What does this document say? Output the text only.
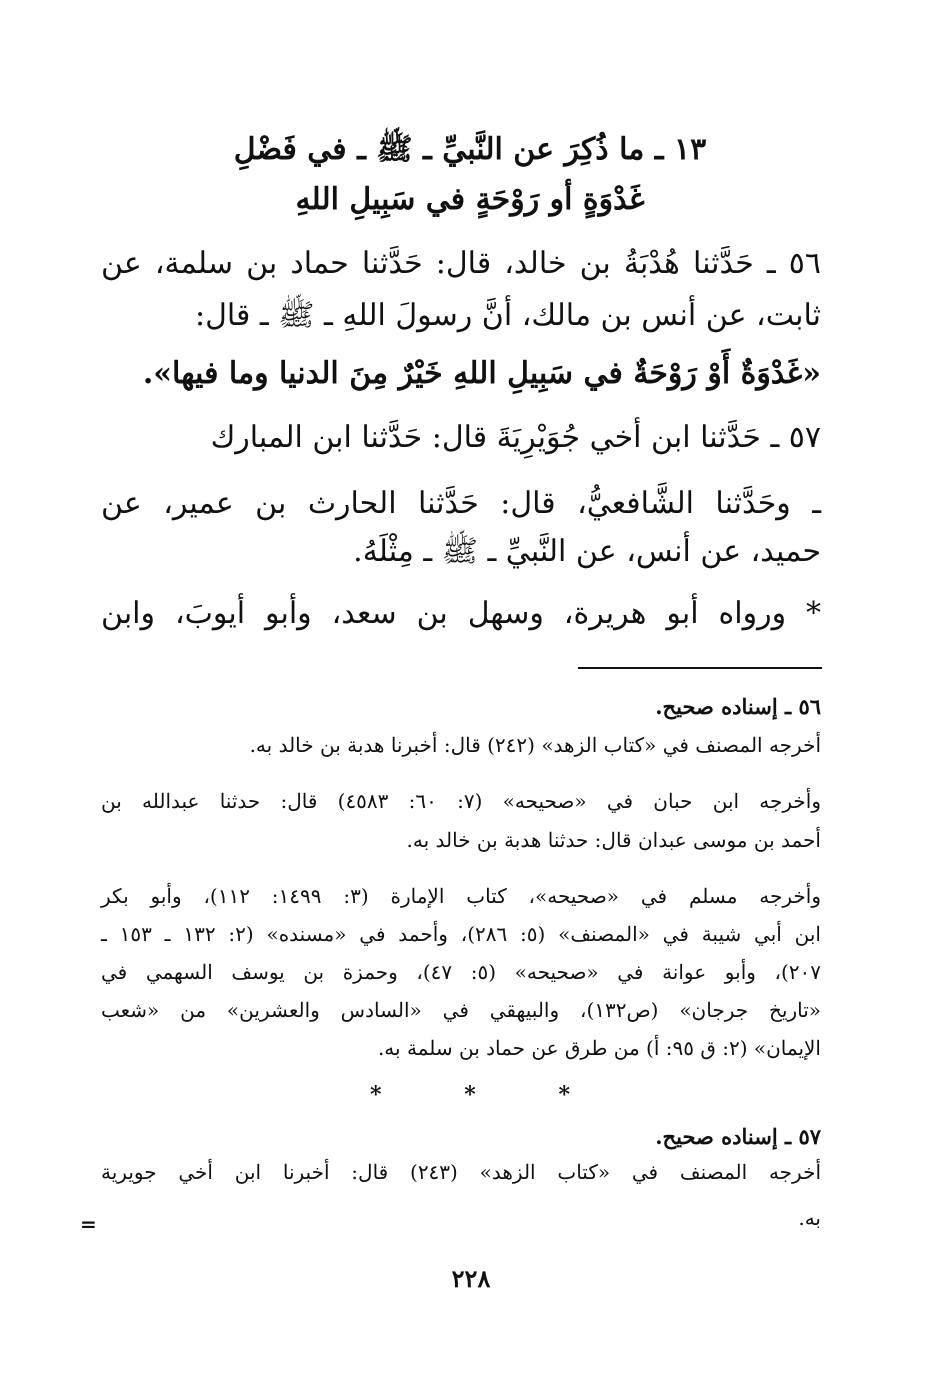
١٣ ـ ما ذُكِرَ عن النَّبيِّ ـ ﷺ ـ في فَضْلِ
غَدْوَةٍ أو رَوْحَةٍ في سَبِيلِ اللهِ
٥٦ ـ حَدَّثنا هُدْبَةُ بن خالد، قال: حَدَّثنا حماد بن سلمة، عن
ثابت، عن أنس بن مالك، أنَّ رسولَ اللهِ ـ ﷺ ـ قال:
«غَدْوَةٌ أَوْ رَوْحَةٌ في سَبِيلِ اللهِ خَيْرٌ مِنَ الدنيا وما فيها».
٥٧ ـ حَدَّثنا ابن أخي جُوَيْرِيَةَ قال: حَدَّثنا ابن المبارك
ـ وحَدَّثنا الشَّافعيُّ، قال: حَدَّثنا الحارث بن عمير، عن
حميد، عن أنس، عن النَّبيِّ ـ ﷺ ـ مِثْلَهُ.
* ورواه أبو هريرة، وسهل بن سعد، وأبو أيوبَ، وابن
٥٦ ـ إسناده صحيح.
أخرجه المصنف في «كتاب الزهد» (٢٤٢) قال: أخبرنا هدبة بن خالد به.
وأخرجه ابن حبان في «صحيحه» (٧: ٦٠: ٤٥٨٣) قال: حدثنا عبدالله بن
أحمد بن موسى عبدان قال: حدثنا هدبة بن خالد به.
وأخرجه مسلم في «صحيحه»، كتاب الإمارة (٣: ١٤٩٩: ١١٢)، وأبو بكر
ابن أبي شيبة في «المصنف» (٥: ٢٨٦)، وأحمد في «مسنده» (٢: ١٣٢ ـ ١٥٣ ـ
٢٠٧)، وأبو عوانة في «صحيحه» (٥: ٤٧)، وحمزة بن يوسف السهمي في
«تاريخ جرجان» (ص١٣٢)، والبيهقي في «السادس والعشرين» من «شعب
الإيمان» (٢: ق ٩٥: أ) من طرق عن حماد بن سلمة به.
*
*
*
٥٧ ـ إسناده صحيح.
أخرجه المصنف في «كتاب الزهد» (٢٤٣) قال: أخبرنا ابن أخي جويرية
به.
=
٢٢٨
